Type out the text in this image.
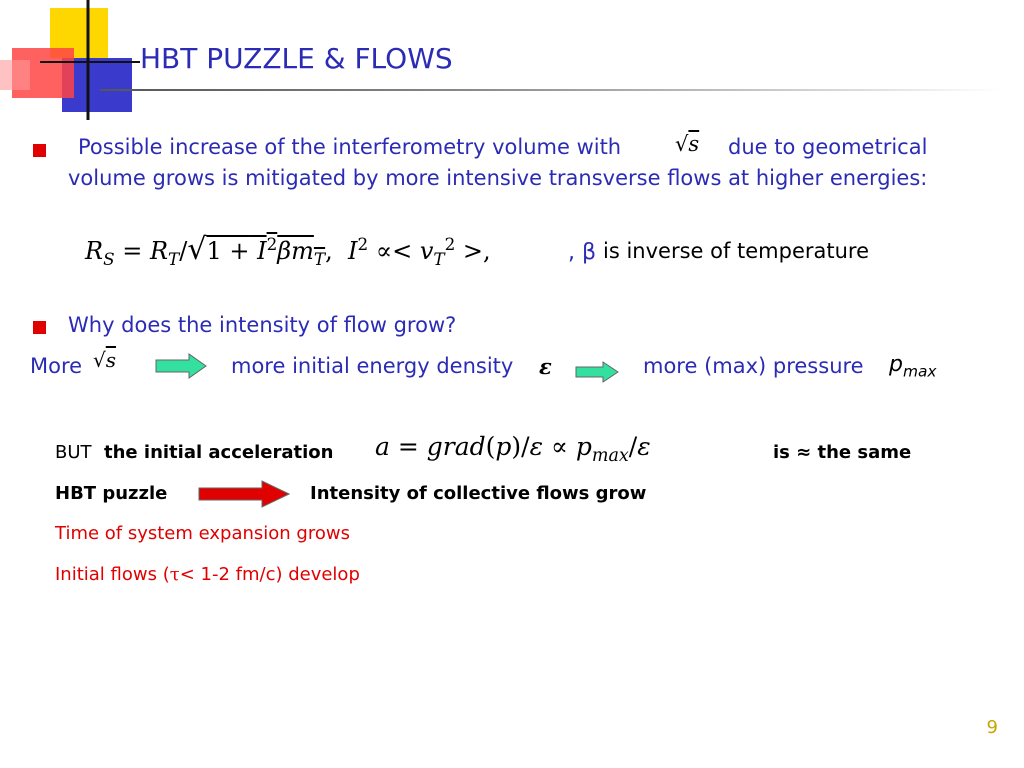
HBT PUZZLE & FLOWS
Possible increase of the interferometry volume with	√s due to geometrical
volume grows is mitigated by more intensive transverse flows at higher energies:
$R_S = R_T/√1 + I^2\beta m_T$,  $I^2 \propto< v_T^2$ >,	, β is inverse of temperature
Why does the intensity of flow grow?
More √s	more initial energy density ε	more (max) pressure $p_{max}$
BUT the initial acceleration a = grad(p)/ε ∝ $p_{max}/\varepsilon$	is ≈ the same
HBT puzzle	Intensity of collective flows grow
Time of system expansion grows
Initial flows (τ< 1-2 fm/c) develop
9
